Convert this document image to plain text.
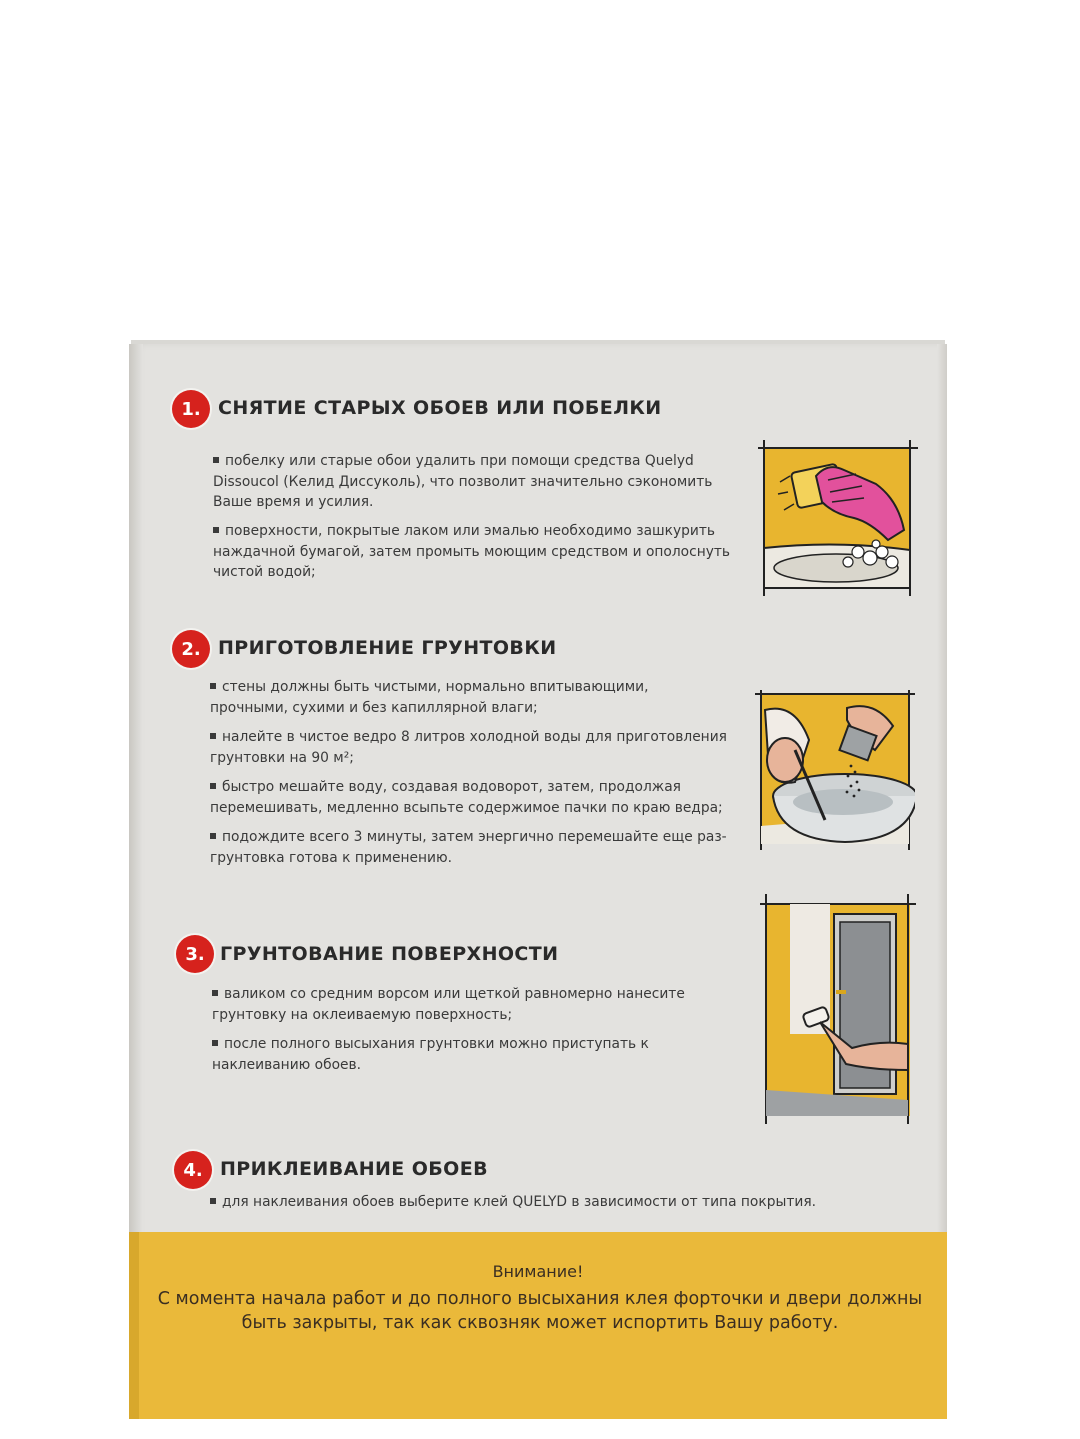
1. СНЯТИЕ СТАРЫХ ОБОЕВ ИЛИ ПОБЕЛКИ
побелку или старые обои удалить при помощи средства Quelyd Dissoucol (Келид Диссуколь), что позволит значительно сэкономить Ваше время и усилия.
поверхности, покрытые лаком или эмалью необходимо зашкурить наждачной бумагой, затем промыть моющим средством и ополоснуть чистой водой;
2. ПРИГОТОВЛЕНИЕ ГРУНТОВКИ
стены должны быть чистыми, нормально впитывающими, прочными, сухими и без капиллярной влаги;
налейте в чистое ведро 8 литров холодной воды для приготовления грунтовки на 90 м²;
быстро мешайте воду, создавая водоворот, затем, продолжая перемешивать, медленно всыпьте содержимое пачки по краю ведра;
подождите всего 3 минуты, затем энергично перемешайте еще раз-грунтовка готова к применению.
3. ГРУНТОВАНИЕ ПОВЕРХНОСТИ
валиком со средним ворсом или щеткой равномерно нанесите грунтовку на оклеиваемую поверхность;
после полного высыхания грунтовки можно приступать к наклеиванию обоев.
4. ПРИКЛЕИВАНИЕ ОБОЕВ
для наклеивания обоев выберите клей QUELYD в зависимости от типа покрытия.
Внимание!
С момента начала работ и до полного высыхания клея форточки и двери должны быть закрыты, так как сквозняк может испортить Вашу работу.
